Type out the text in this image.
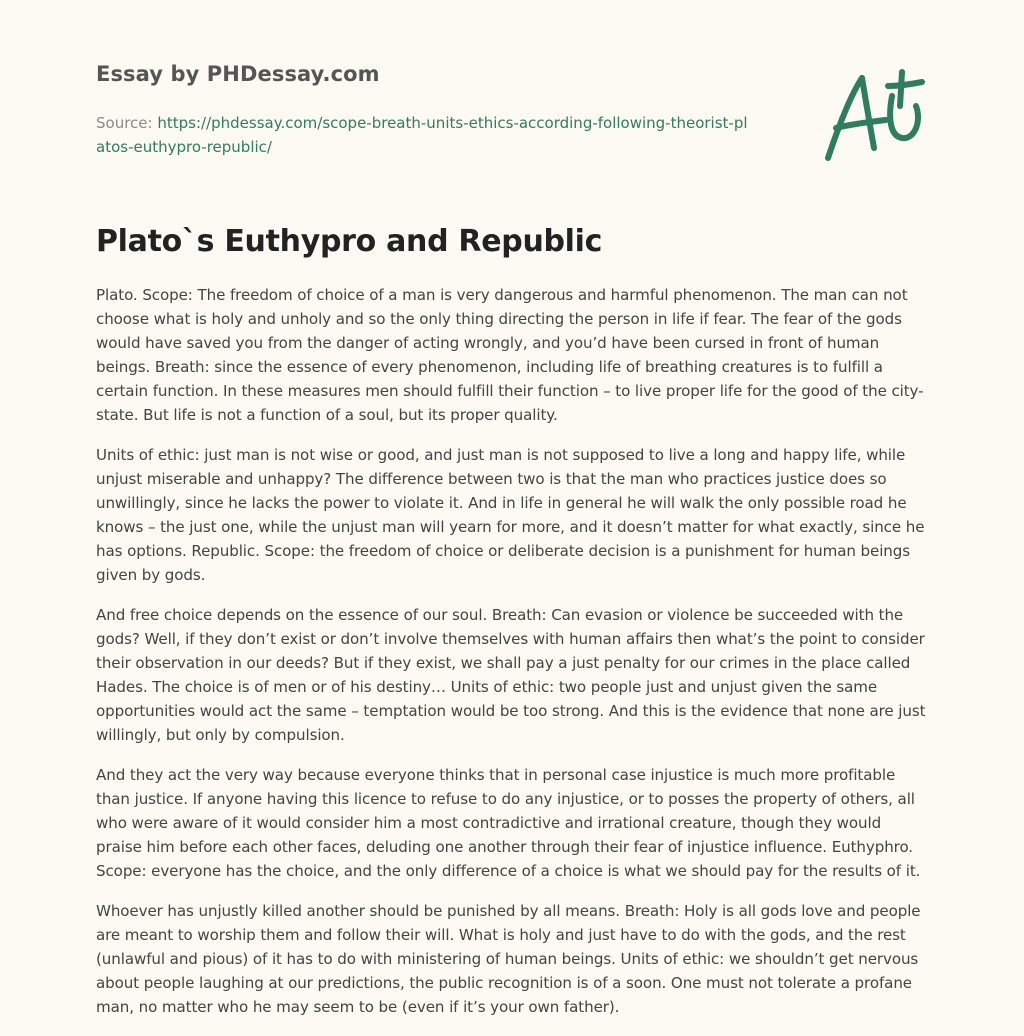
Essay by PHDessay.com

Source: https://phdessay.com/scope-breath-units-ethics-according-following-theorist-platos-euthypro-republic/

Plato`s Euthypro and Republic

Plato. Scope: The freedom of choice of a man is very dangerous and harmful phenomenon. The man can not choose what is holy and unholy and so the only thing directing the person in life if fear. The fear of the gods would have saved you from the danger of acting wrongly, and you’d have been cursed in front of human beings. Breath: since the essence of every phenomenon, including life of breathing creatures is to fulfill a certain function. In these measures men should fulfill their function – to live proper life for the good of the city-state. But life is not a function of a soul, but its proper quality.

Units of ethic: just man is not wise or good, and just man is not supposed to live a long and happy life, while unjust miserable and unhappy? The difference between two is that the man who practices justice does so unwillingly, since he lacks the power to violate it. And in life in general he will walk the only possible road he knows – the just one, while the unjust man will yearn for more, and it doesn’t matter for what exactly, since he has options. Republic. Scope: the freedom of choice or deliberate decision is a punishment for human beings given by gods.

And free choice depends on the essence of our soul. Breath: Can evasion or violence be succeeded with the gods? Well, if they don’t exist or don’t involve themselves with human affairs then what’s the point to consider their observation in our deeds? But if they exist, we shall pay a just penalty for our crimes in the place called Hades. The choice is of men or of his destiny… Units of ethic: two people just and unjust given the same opportunities would act the same – temptation would be too strong. And this is the evidence that none are just willingly, but only by compulsion.

And they act the very way because everyone thinks that in personal case injustice is much more profitable than justice. If anyone having this licence to refuse to do any injustice, or to posses the property of others, all who were aware of it would consider him a most contradictive and irrational creature, though they would praise him before each other faces, deluding one another through their fear of injustice influence. Euthyphro. Scope: everyone has the choice, and the only difference of a choice is what we should pay for the results of it.

Whoever has unjustly killed another should be punished by all means. Breath: Holy is all gods love and people are meant to worship them and follow their will. What is holy and just have to do with the gods, and the rest (unlawful and pious) of it has to do with ministering of human beings. Units of ethic: we shouldn’t get nervous about people laughing at our predictions, the public recognition is of a soon. One must not tolerate a profane man, no matter who he may seem to be (even if it’s your own father).
